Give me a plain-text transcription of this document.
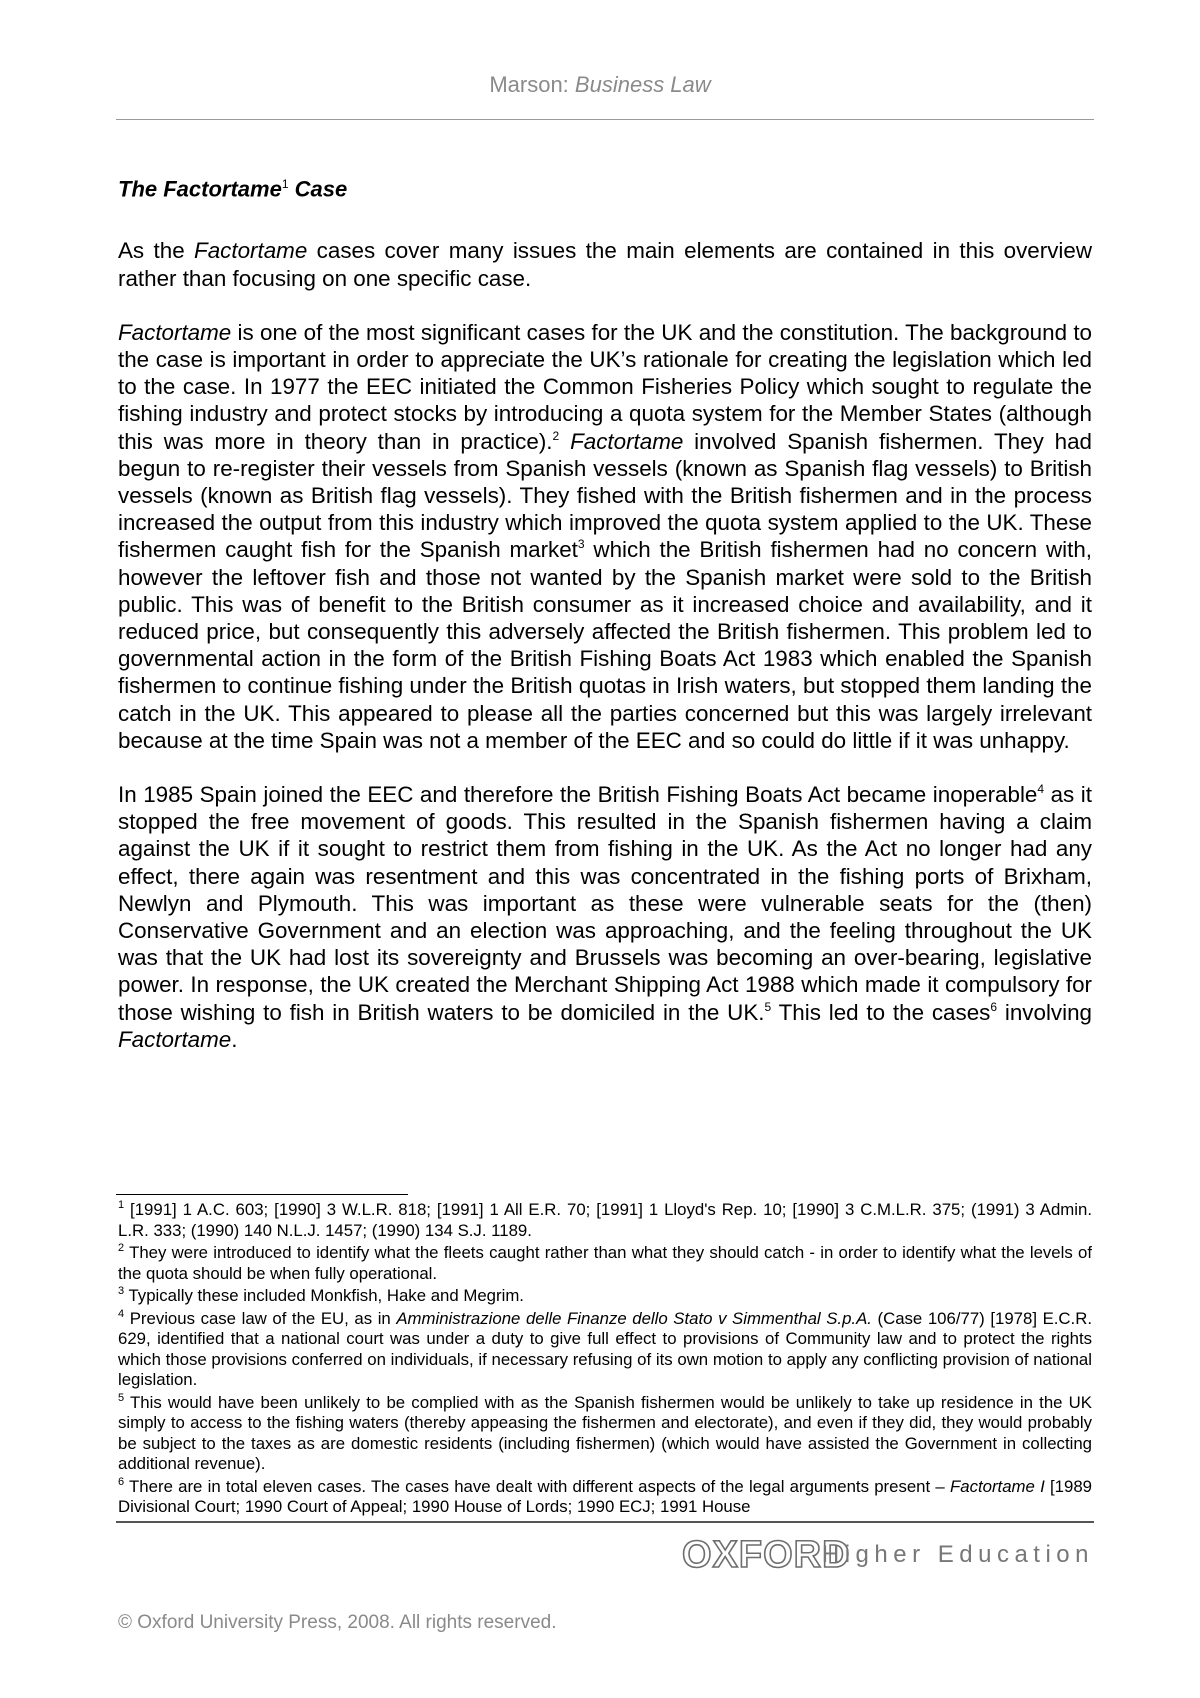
Marson: Business Law
The Factortame$^1$ Case

As the Factortame cases cover many issues the main elements are contained in this overview rather than focusing on one specific case.

Factortame is one of the most significant cases for the UK and the constitution. The background to the case is important in order to appreciate the UK’s rationale for creating the legislation which led to the case. In 1977 the EEC initiated the Common Fisheries Policy which sought to regulate the fishing industry and protect stocks by introducing a quota system for the Member States (although this was more in theory than in practice).$^2$ Factortame involved Spanish fishermen. They had begun to re-register their vessels from Spanish vessels (known as Spanish flag vessels) to British vessels (known as British flag vessels). They fished with the British fishermen and in the process increased the output from this industry which improved the quota system applied to the UK. These fishermen caught fish for the Spanish market$^3$ which the British fishermen had no concern with, however the leftover fish and those not wanted by the Spanish market were sold to the British public. This was of benefit to the British consumer as it increased choice and availability, and it reduced price, but consequently this adversely affected the British fishermen. This problem led to governmental action in the form of the British Fishing Boats Act 1983 which enabled the Spanish fishermen to continue fishing under the British quotas in Irish waters, but stopped them landing the catch in the UK. This appeared to please all the parties concerned but this was largely irrelevant because at the time Spain was not a member of the EEC and so could do little if it was unhappy.

In 1985 Spain joined the EEC and therefore the British Fishing Boats Act became inoperable$^4$ as it stopped the free movement of goods. This resulted in the Spanish fishermen having a claim against the UK if it sought to restrict them from fishing in the UK. As the Act no longer had any effect, there again was resentment and this was concentrated in the fishing ports of Brixham, Newlyn and Plymouth. This was important as these were vulnerable seats for the (then) Conservative Government and an election was approaching, and the feeling throughout the UK was that the UK had lost its sovereignty and Brussels was becoming an over-bearing, legislative power. In response, the UK created the Merchant Shipping Act 1988 which made it compulsory for those wishing to fish in British waters to be domiciled in the UK.$^5$ This led to the cases$^6$ involving Factortame.

$^1$ [1991] 1 A.C. 603; [1990] 3 W.L.R. 818; [1991] 1 All E.R. 70; [1991] 1 Lloyd's Rep. 10; [1990] 3 C.M.L.R. 375; (1991) 3 Admin. L.R. 333; (1990) 140 N.L.J. 1457; (1990) 134 S.J. 1189.

$^2$ They were introduced to identify what the fleets caught rather than what they should catch - in order to identify what the levels of the quota should be when fully operational.

$^3$ Typically these included Monkfish, Hake and Megrim.

$^4$ Previous case law of the EU, as in Amministrazione delle Finanze dello Stato v Simmenthal S.p.A. (Case 106/77) [1978] E.C.R. 629, identified that a national court was under a duty to give full effect to provisions of Community law and to protect the rights which those provisions conferred on individuals, if necessary refusing of its own motion to apply any conflicting provision of national legislation.

$^5$ This would have been unlikely to be complied with as the Spanish fishermen would be unlikely to take up residence in the UK simply to access to the fishing waters (thereby appeasing the fishermen and electorate), and even if they did, they would probably be subject to the taxes as are domestic residents (including fishermen) (which would have assisted the Government in collecting additional revenue).

$^6$ There are in total eleven cases. The cases have dealt with different aspects of the legal arguments present – Factortame I [1989 Divisional Court; 1990 Court of Appeal; 1990 House of Lords; 1990 ECJ; 1991 House

OXFORD
Higher Education
© Oxford University Press, 2008. All rights reserved.
